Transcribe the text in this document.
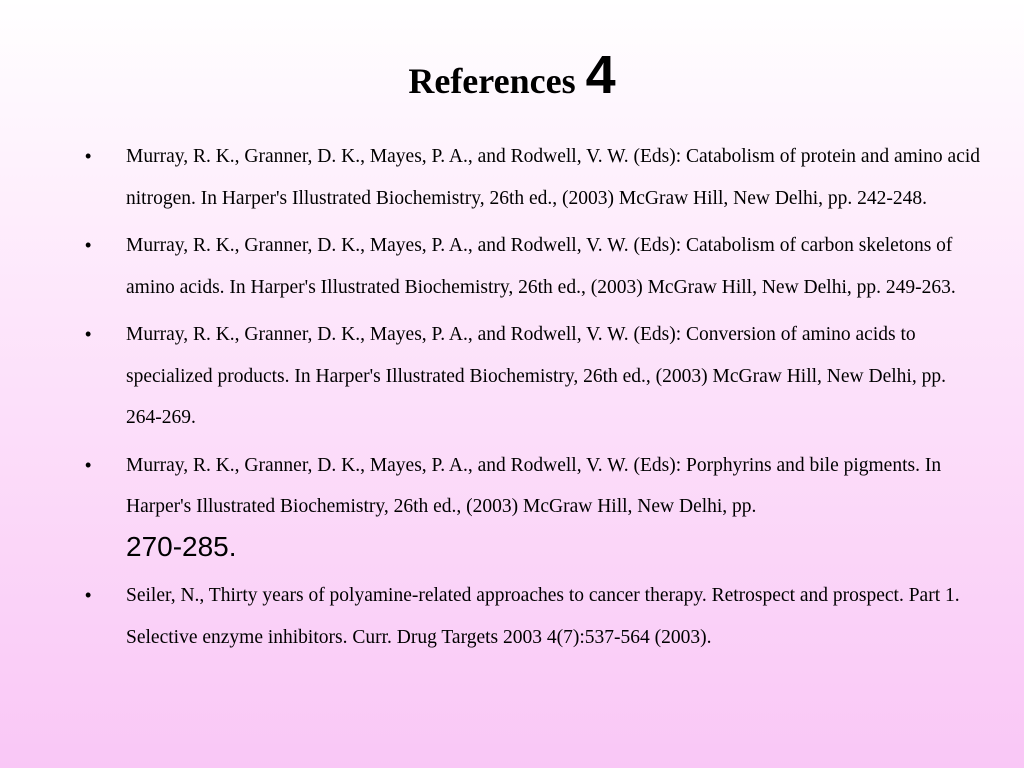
References 4
• Murray, R. K., Granner, D. K., Mayes, P. A., and Rodwell, V. W. (Eds): Catabolism of protein and amino acid nitrogen. In Harper's Illustrated Biochemistry, 26th ed., (2003) McGraw Hill, New Delhi, pp. 242-248.
• Murray, R. K., Granner, D. K., Mayes, P. A., and Rodwell, V. W. (Eds): Catabolism of carbon skeletons of amino acids. In Harper's Illustrated Biochemistry, 26th ed., (2003) McGraw Hill, New Delhi, pp. 249-263.
• Murray, R. K., Granner, D. K., Mayes, P. A., and Rodwell, V. W. (Eds): Conversion of amino acids to specialized products. In Harper's Illustrated Biochemistry, 26th ed., (2003) McGraw Hill, New Delhi, pp. 264-269.
• Murray, R. K., Granner, D. K., Mayes, P. A., and Rodwell, V. W. (Eds): Porphyrins and bile pigments. In Harper's Illustrated Biochemistry, 26th ed., (2003) McGraw Hill, New Delhi, pp.
270-285.
• Seiler, N., Thirty years of polyamine-related approaches to cancer therapy. Retrospect and prospect. Part 1. Selective enzyme inhibitors. Curr. Drug Targets 2003 4(7):537-564 (2003).
